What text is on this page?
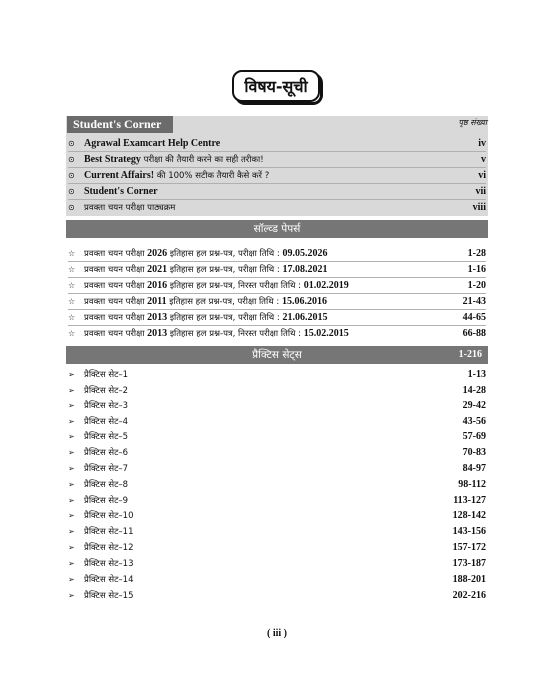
विषय-सूची
Student's Corner	पृष्ठ संख्या
⊙ Agrawal Examcart Help Centre	iv
⊙ Best Strategy परीक्षा की तैयारी करने का सही तरीका!	v
⊙ Current Affairs! की 100% सटीक तैयारी कैसे करें ?	vi
⊙ Student's Corner	vii
⊙	प्रवक्ता चयन परीक्षा पाठ्यक्रम	viii
सॉल्व्ड पेपर्स
☆	प्रवक्ता चयन परीक्षा 2026 इतिहास हल प्रश्न-पत्र, परीक्षा तिथि : 09.05.2026	1-28
☆	प्रवक्ता चयन परीक्षा 2021 इतिहास हल प्रश्न-पत्र, परीक्षा तिथि : 17.08.2021	1-16
☆	प्रवक्ता चयन परीक्षा 2016 इतिहास हल प्रश्न-पत्र, निरस्त परीक्षा तिथि : 01.02.2019	1-20
☆	प्रवक्ता चयन परीक्षा 2011 इतिहास हल प्रश्न-पत्र, परीक्षा तिथि : 15.06.2016	21-43
☆	प्रवक्ता चयन परीक्षा 2013 इतिहास हल प्रश्न-पत्र, परीक्षा तिथि : 21.06.2015	44-65
☆	प्रवक्ता चयन परीक्षा 2013 इतिहास हल प्रश्न-पत्र, निरस्त परीक्षा तिथि : 15.02.2015	66-88
प्रैक्टिस सेट्स	1-216
➢	प्रैक्टिस सेट–1	1-13
➢	प्रैक्टिस सेट–2	14-28
➢	प्रैक्टिस सेट–3	29-42
➢	प्रैक्टिस सेट–4	43-56
➢	प्रैक्टिस सेट–5	57-69
➢	प्रैक्टिस सेट–6	70-83
➢	प्रैक्टिस सेट–7	84-97
➢	प्रैक्टिस सेट–8	98-112
➢	प्रैक्टिस सेट–9	113-127
➢	प्रैक्टिस सेट–10	128-142
➢	प्रैक्टिस सेट–11	143-156
➢	प्रैक्टिस सेट–12	157-172
➢	प्रैक्टिस सेट–13	173-187
➢	प्रैक्टिस सेट–14	188-201
➢	प्रैक्टिस सेट–15	202-216
( iii )
